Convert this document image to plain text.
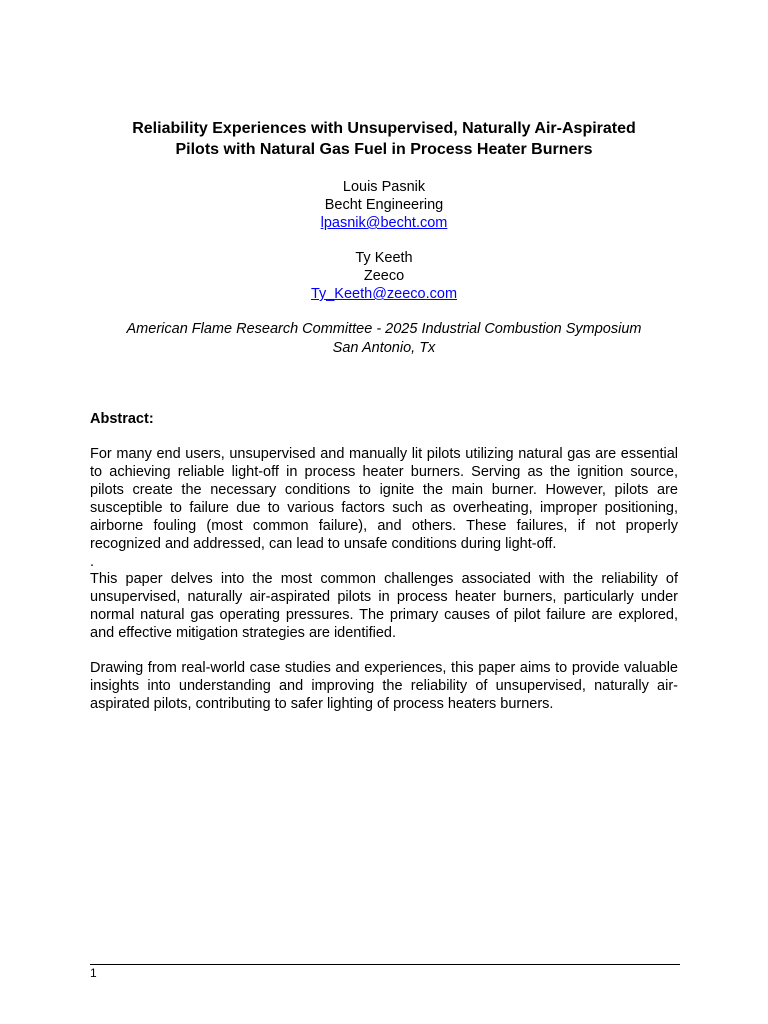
Reliability Experiences with Unsupervised, Naturally Air-Aspirated
Pilots with Natural Gas Fuel in Process Heater Burners
Louis Pasnik
Becht Engineering
lpasnik@becht.com
Ty Keeth
Zeeco
Ty_Keeth@zeeco.com
American Flame Research Committee - 2025 Industrial Combustion Symposium
San Antonio, Tx
Abstract:
For many end users, unsupervised and manually lit pilots utilizing natural gas are essential to achieving reliable light-off in process heater burners. Serving as the ignition source, pilots create the necessary conditions to ignite the main burner. However, pilots are susceptible to failure due to various factors such as overheating, improper positioning, airborne fouling (most common failure), and others. These failures, if not properly recognized and addressed, can lead to unsafe conditions during light-off.
.
This paper delves into the most common challenges associated with the reliability of unsupervised, naturally air-aspirated pilots in process heater burners, particularly under normal natural gas operating pressures. The primary causes of pilot failure are explored, and effective mitigation strategies are identified.
Drawing from real-world case studies and experiences, this paper aims to provide valuable insights into understanding and improving the reliability of unsupervised, naturally air-aspirated pilots, contributing to safer lighting of process heaters burners.
1
